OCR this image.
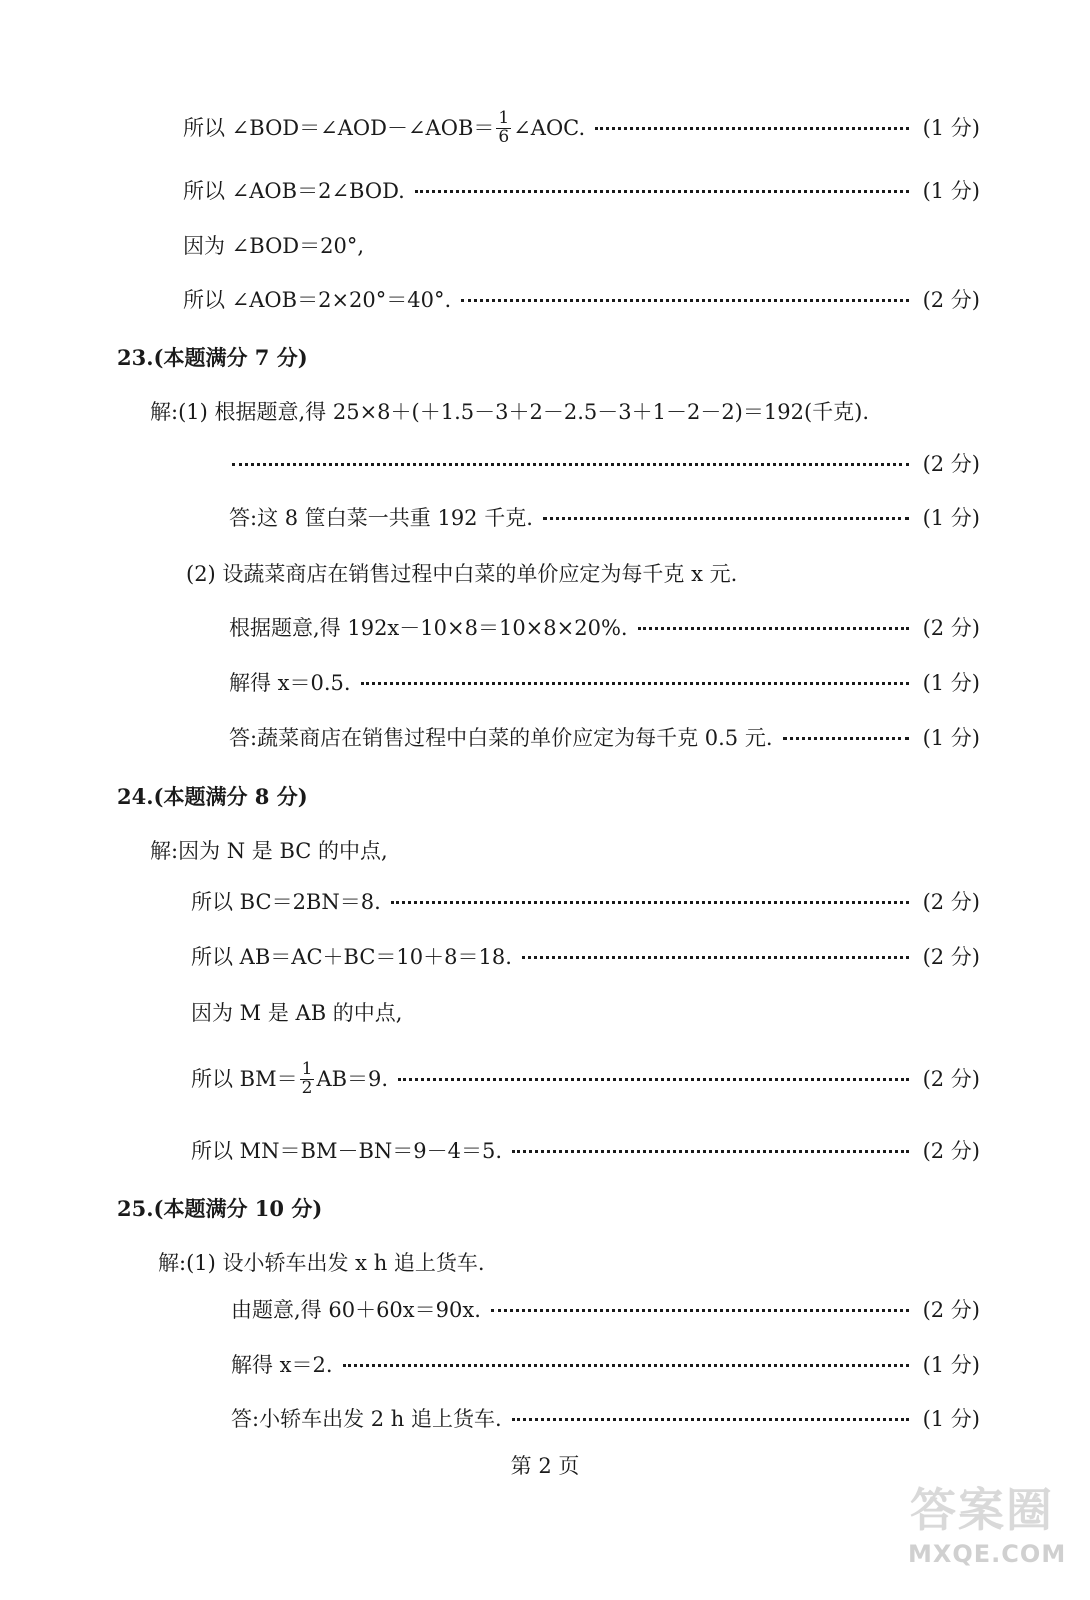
所以 ∠BOD＝∠AOD－∠AOB＝ $\frac{1}{6}$ ∠AOC.	(1 分)
所以 ∠AOB＝2∠BOD.	(1 分)
因为 ∠BOD＝20°,
所以 ∠AOB＝2×20°＝40°.	(2 分)
23.(本题满分 7 分)
解:(1) 根据题意,得 25×8＋(＋1.5－3＋2－2.5－3＋1－2－2)＝192(千克).
(2 分)
答:这 8 筐白菜一共重 192 千克.	(1 分)
(2) 设蔬菜商店在销售过程中白菜的单价应定为每千克 x 元.
根据题意,得 192x－10×8＝10×8×20%.	(2 分)
解得 x＝0.5.	(1 分)
答:蔬菜商店在销售过程中白菜的单价应定为每千克 0.5 元.	(1 分)
24.(本题满分 8 分)
解:因为 N 是 BC 的中点,
所以 BC＝2BN＝8.	(2 分)
所以 AB＝AC＋BC＝10＋8＝18.	(2 分)
因为 M 是 AB 的中点,
所以 $BM= \frac{1}{2} AB=9$.	(2 分)
所以 MN＝BM－BN＝9－4＝5.	(2 分)
25.(本题满分 10 分)
解:(1) 设小轿车出发 x h 追上货车.
由题意,得 60＋60x＝90x.	(2 分)
解得 x＝2.	(1 分)
答:小轿车出发 2 h 追上货车.	(1 分)
第 2 页
答案圈
MXQE.COM
